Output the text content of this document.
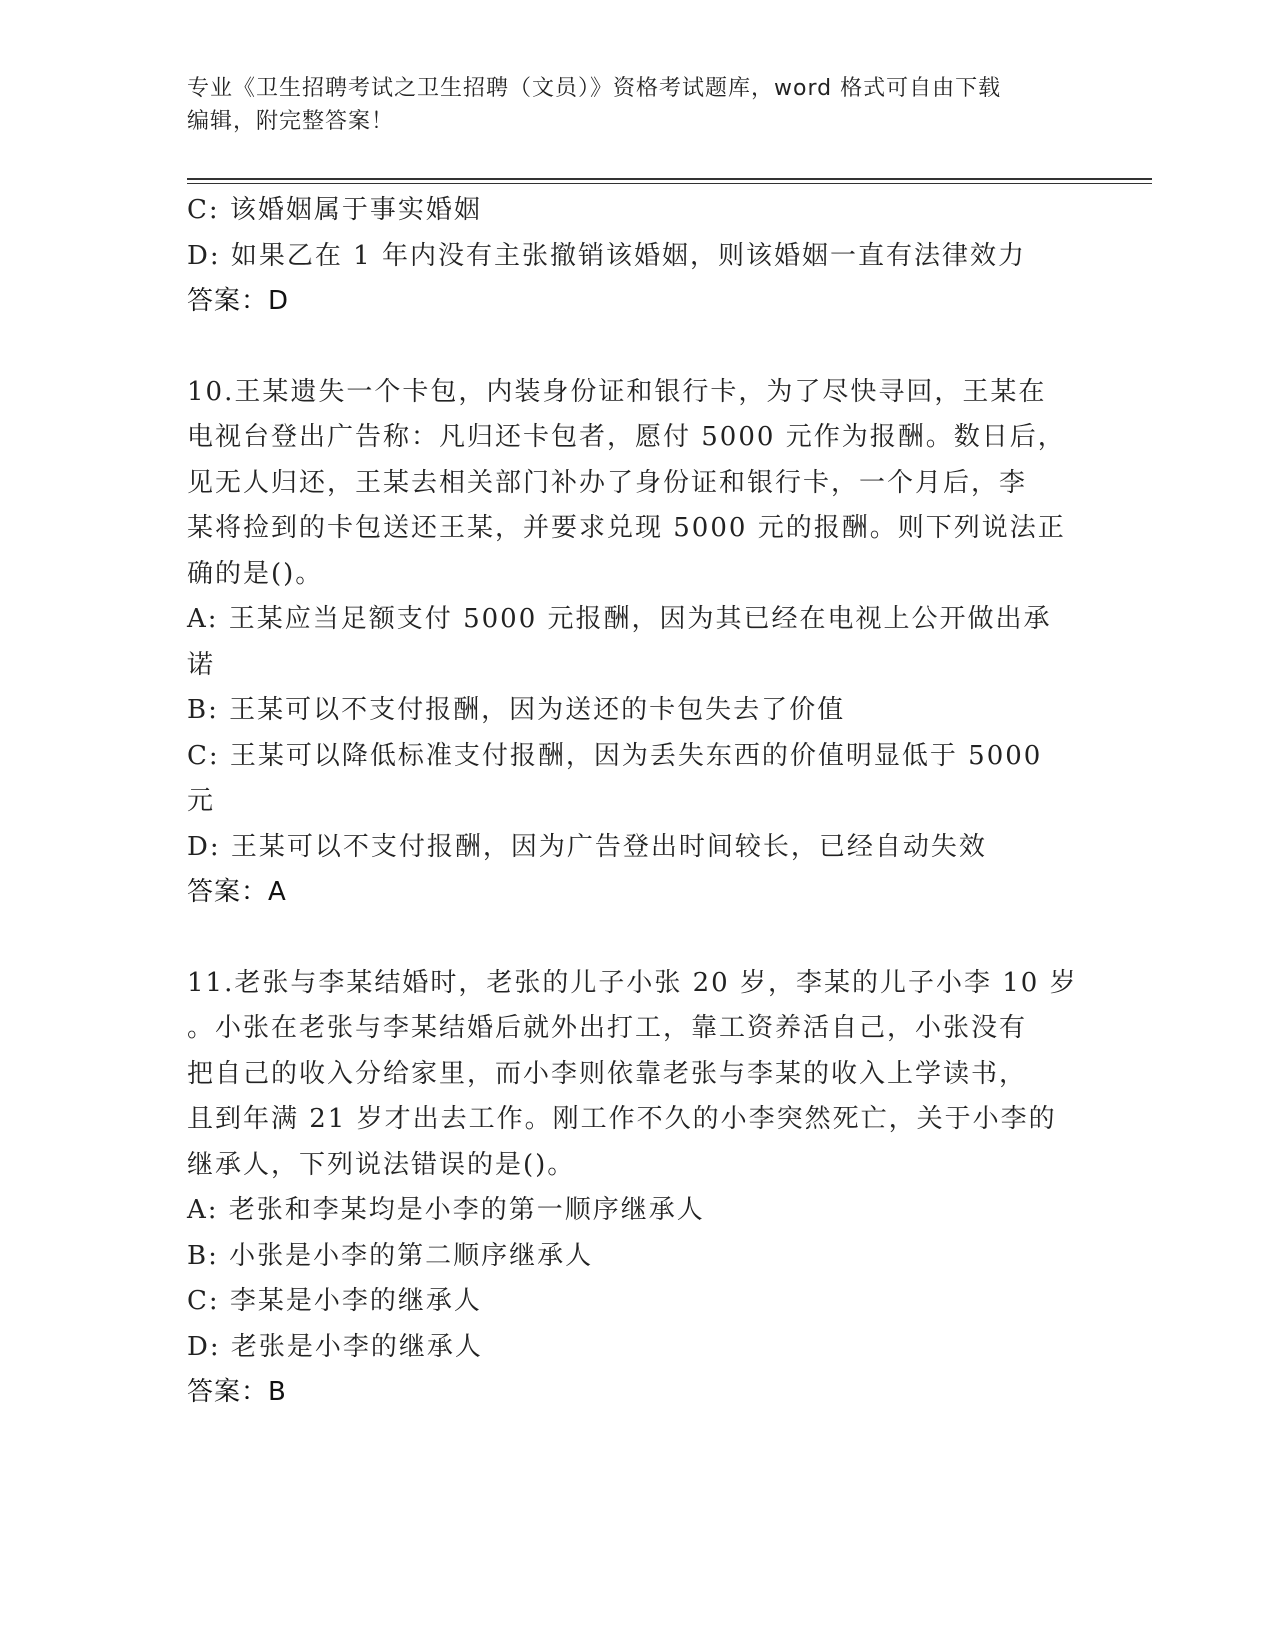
专业《卫生招聘考试之卫生招聘（文员）》资格考试题库，word 格式可自由下载
编辑，附完整答案！

C: 该婚姻属于事实婚姻

D: 如果乙在 1 年内没有主张撤销该婚姻，则该婚姻一直有法律效力

答案：D

10.王某遗失一个卡包，内装身份证和银行卡，为了尽快寻回，王某在

电视台登出广告称：凡归还卡包者，愿付 5000 元作为报酬。数日后，

见无人归还，王某去相关部门补办了身份证和银行卡，一个月后，李

某将捡到的卡包送还王某，并要求兑现 5000 元的报酬。则下列说法正

确的是()。

A: 王某应当足额支付 5000 元报酬，因为其已经在电视上公开做出承

诺

B: 王某可以不支付报酬，因为送还的卡包失去了价值

C: 王某可以降低标准支付报酬，因为丢失东西的价值明显低于 5000

元

D: 王某可以不支付报酬，因为广告登出时间较长，已经自动失效

答案：A

11.老张与李某结婚时，老张的儿子小张 20 岁，李某的儿子小李 10 岁

。小张在老张与李某结婚后就外出打工，靠工资养活自己，小张没有

把自己的收入分给家里，而小李则依靠老张与李某的收入上学读书，

且到年满 21 岁才出去工作。刚工作不久的小李突然死亡，关于小李的

继承人，下列说法错误的是()。

A: 老张和李某均是小李的第一顺序继承人

B: 小张是小李的第二顺序继承人

C: 李某是小李的继承人

D: 老张是小李的继承人

答案：B
